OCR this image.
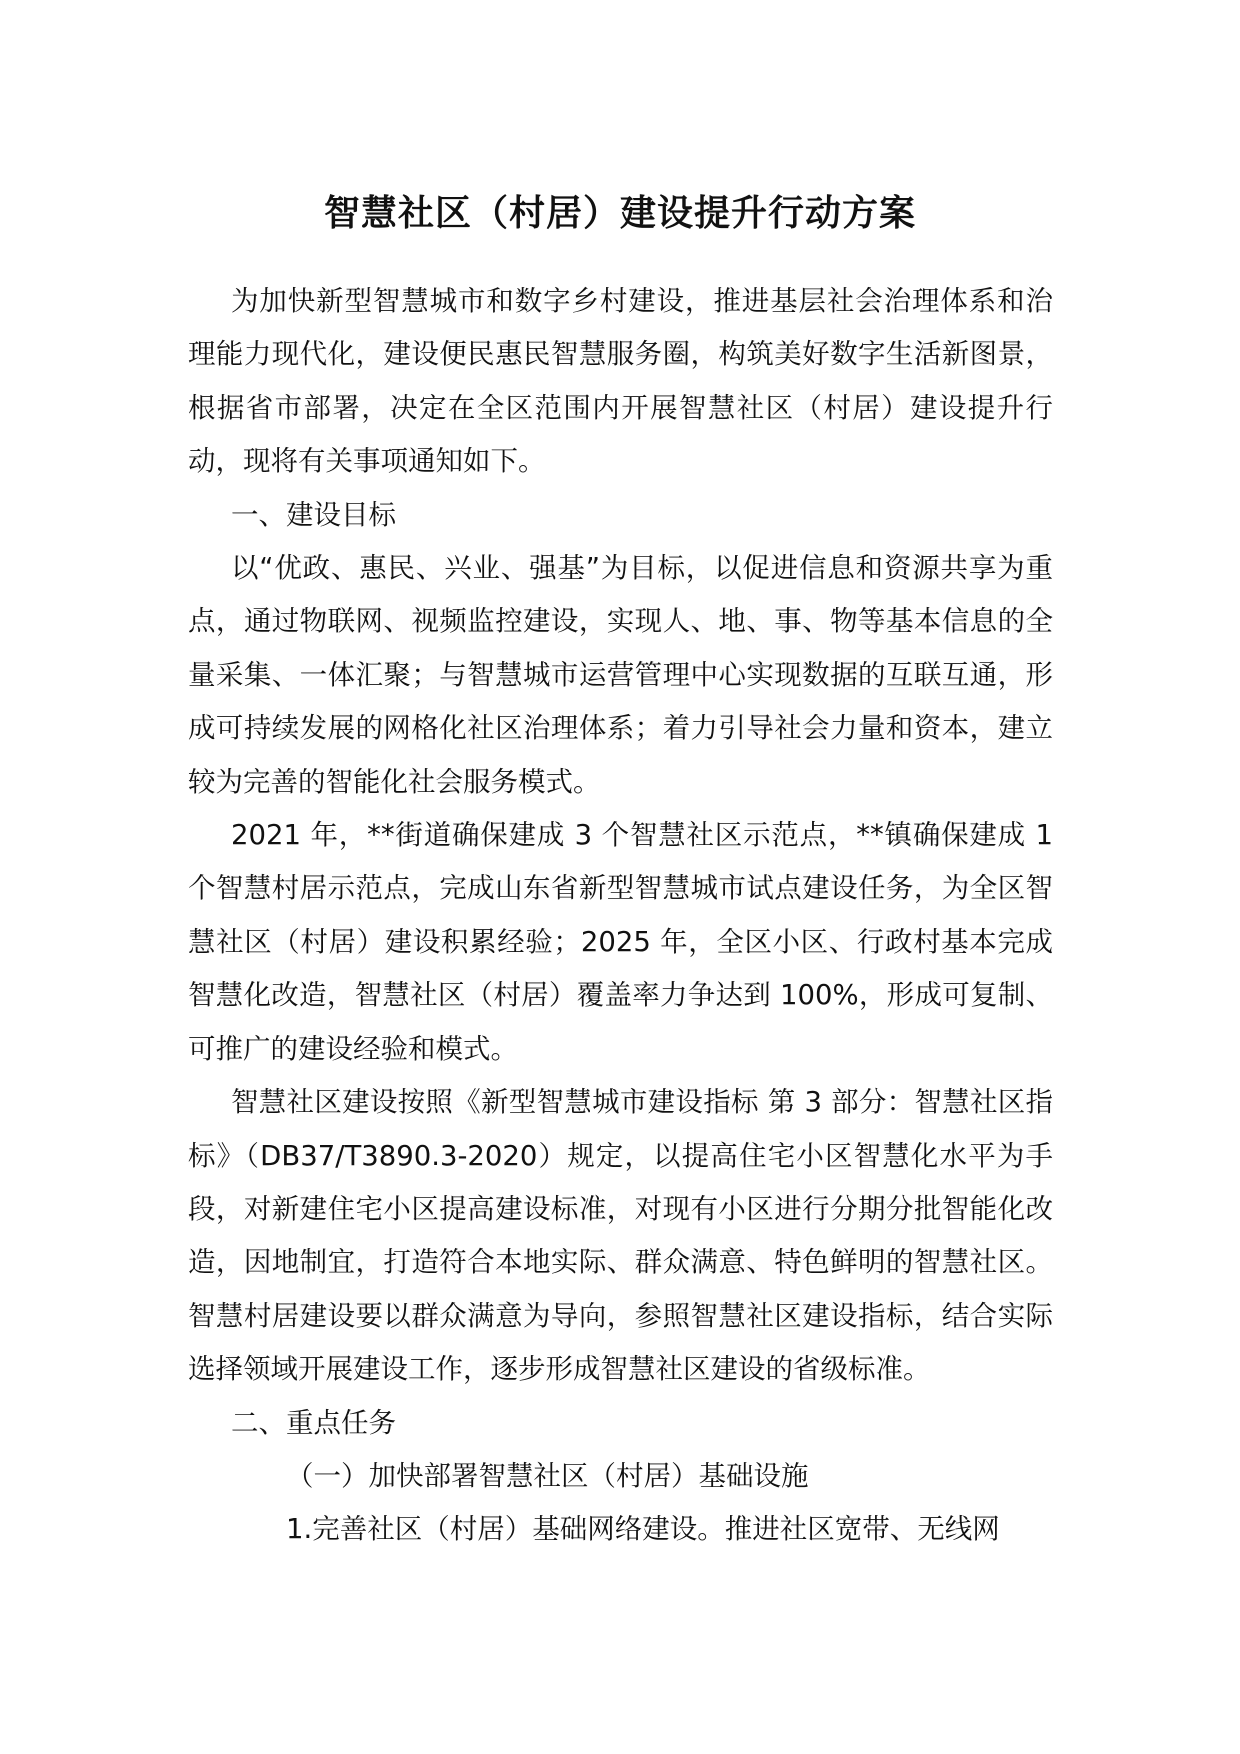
智慧社区（村居）建设提升行动方案

为加快新型智慧城市和数字乡村建设，推进基层社会治理体系和治理能力现代化，建设便民惠民智慧服务圈，构筑美好数字生活新图景，根据省市部署，决定在全区范围内开展智慧社区（村居）建设提升行动，现将有关事项通知如下。

一、建设目标

以“优政、惠民、兴业、强基”为目标，以促进信息和资源共享为重点，通过物联网、视频监控建设，实现人、地、事、物等基本信息的全量采集、一体汇聚；与智慧城市运营管理中心实现数据的互联互通，形成可持续发展的网格化社区治理体系；着力引导社会力量和资本，建立较为完善的智能化社会服务模式。

2021 年，**街道确保建成 3 个智慧社区示范点，**镇确保建成 1 个智慧村居示范点，完成山东省新型智慧城市试点建设任务，为全区智慧社区（村居）建设积累经验；2025 年，全区小区、行政村基本完成智慧化改造，智慧社区（村居）覆盖率力争达到 100%，形成可复制、可推广的建设经验和模式。

智慧社区建设按照《新型智慧城市建设指标 第 3 部分：智慧社区指标》（DB37/T3890.3-2020）规定，以提高住宅小区智慧化水平为手段，对新建住宅小区提高建设标准，对现有小区进行分期分批智能化改造，因地制宜，打造符合本地实际、群众满意、特色鲜明的智慧社区。智慧村居建设要以群众满意为导向，参照智慧社区建设指标，结合实际选择领域开展建设工作，逐步形成智慧社区建设的省级标准。

二、重点任务

（一）加快部署智慧社区（村居）基础设施

1.完善社区（村居）基础网络建设。推进社区宽带、无线网
